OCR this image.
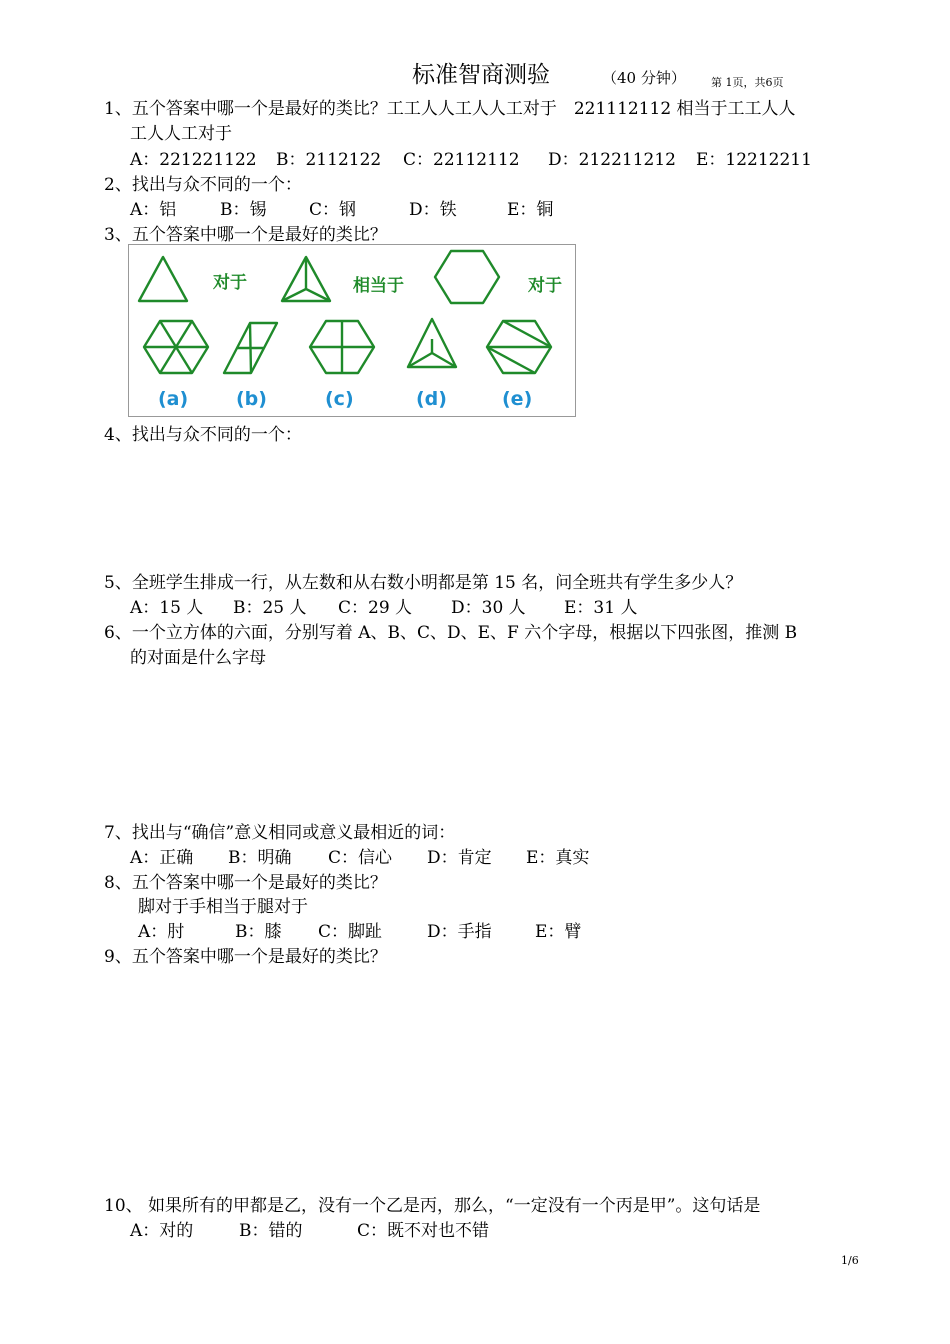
标准智商测验	（40 分钟） 第 1页，共6页
1、五个答案中哪一个是最好的类比？工工人人工人人工对于　221112112 相当于工工人人
工人人工对于
A：221221122 B：2112122 C：22112112 D：212211212 E：12212211
2、找出与众不同的一个：
A：铝	B：锡	C：钢	D：铁	E：铜
3、五个答案中哪一个是最好的类比？
对于	相当于	对于
(a)	(b)	(c)	(d)	(e)
4、找出与众不同的一个：
5、全班学生排成一行，从左数和从右数小明都是第 15 名，问全班共有学生多少人？
A：15 人 B：25 人 C：29 人 D：30 人 E：31 人
6、一个立方体的六面，分别写着 A、B、C、D、E、F 六个字母，根据以下四张图，推测 B
的对面是什么字母
7、找出与“确信”意义相同或意义最相近的词：
A：正确 B：明确 C：信心 D：肯定 E：真实
8、五个答案中哪一个是最好的类比？
脚对于手相当于腿对于
A：肘	B：膝 C：脚趾	D：手指	E：臂
9、五个答案中哪一个是最好的类比？
10、 如果所有的甲都是乙，没有一个乙是丙，那么，“一定没有一个丙是甲”。这句话是
A：对的	B：错的	C：既不对也不错
1/6
